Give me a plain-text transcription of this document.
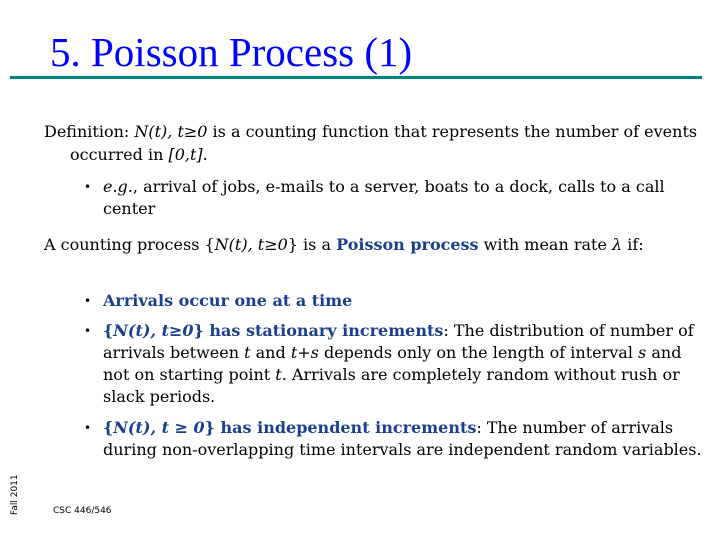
5. Poisson Process (1)

Definition: N(t), t≥0 is a counting function that represents the number of events occurred in [0,t].

• e.g., arrival of jobs, e-mails to a server, boats to a dock, calls to a call center

A counting process {N(t), t≥0} is a Poisson process with mean rate λ if:

• Arrivals occur one at a time

• {N(t), t≥0} has stationary increments: The distribution of number of arrivals between t and t+s depends only on the length of interval s and not on starting point t. Arrivals are completely random without rush or slack periods.

• {N(t), t ≥ 0} has independent increments: The number of arrivals during non-overlapping time intervals are independent random variables.

Fall 2011	CSC 446/546
